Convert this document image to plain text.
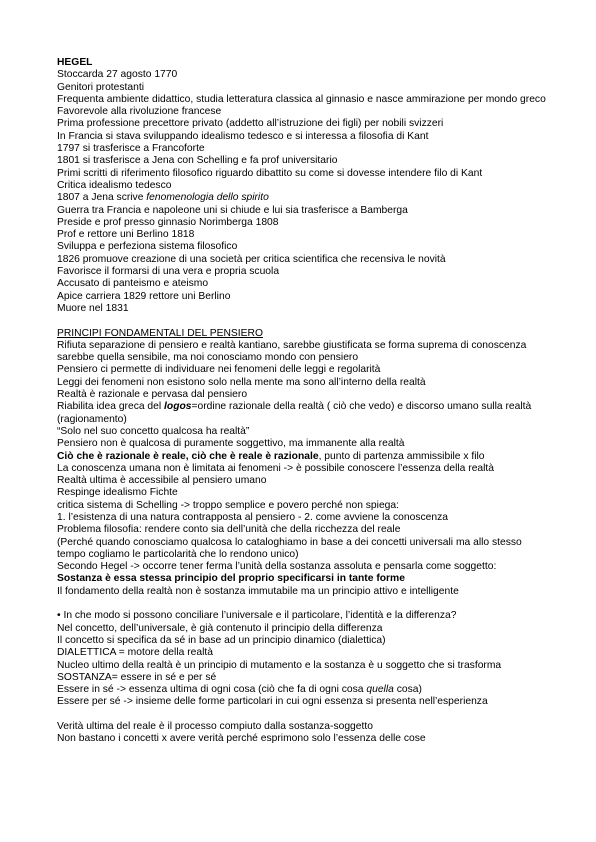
HEGEL
Stoccarda 27 agosto 1770
Genitori protestanti
Frequenta ambiente didattico, studia letteratura classica al ginnasio e nasce ammirazione per mondo greco
Favorevole alla rivoluzione francese
Prima professione precettore privato (addetto all’istruzione dei figli) per nobili svizzeri
In Francia si stava sviluppando idealismo tedesco e si interessa a filosofia di Kant
1797 si trasferisce a Francoforte
1801 si trasferisce a Jena con Schelling e fa prof universitario
Primi scritti di riferimento filosofico riguardo dibattito su come si dovesse intendere filo di Kant
Critica idealismo tedesco
1807 a Jena scrive fenomenologia dello spirito
Guerra tra Francia e napoleone uni si chiude e lui sia trasferisce a Bamberga
Preside e prof presso ginnasio Norimberga 1808
Prof e rettore uni Berlino 1818
Sviluppa e perfeziona sistema filosofico
1826 promuove creazione di una società per critica scientifica che recensiva le novità
Favorisce il formarsi di una vera e propria scuola
Accusato di panteismo e ateismo
Apice carriera 1829 rettore uni Berlino
Muore nel 1831
PRINCIPI FONDAMENTALI DEL PENSIERO
Rifiuta separazione di pensiero e realtà kantiano, sarebbe giustificata se forma suprema di conoscenza sarebbe quella sensibile, ma noi conosciamo mondo con pensiero
Pensiero ci permette di individuare nei fenomeni delle leggi e regolarità
Leggi dei fenomeni non esistono solo nella mente ma sono all’interno della realtà
Realtà è razionale e pervasa dal pensiero
Riabilita idea greca del logos=ordine razionale della realtà ( ciò che vedo) e discorso umano sulla realtà (ragionamento)
“Solo nel suo concetto qualcosa ha realtà”
Pensiero non è qualcosa di puramente soggettivo, ma immanente alla realtà
Ciò che è razionale è reale, ciò che è reale è razionale, punto di partenza ammissibile x filo
La conoscenza umana non è limitata ai fenomeni -> è possibile conoscere l’essenza della realtà
Realtà ultima è accessibile al pensiero umano
Respinge idealismo Fichte
critica sistema di Schelling -> troppo semplice e povero perché non spiega:
1. l’esistenza di una natura contrapposta al pensiero - 2. come avviene la conoscenza
Problema filosofia: rendere conto sia dell’unità che della ricchezza del reale
(Perché quando conosciamo qualcosa lo cataloghiamo in base a dei concetti universali ma allo stesso tempo cogliamo le particolarità che lo rendono unico)
Secondo Hegel -> occorre tener ferma l’unità della sostanza assoluta e pensarla come soggetto:
Sostanza è essa stessa principio del proprio specificarsi in tante forme
Il fondamento della realtà non è sostanza immutabile ma un principio attivo e intelligente
• In che modo si possono conciliare l’universale e il particolare, l’identità e la differenza?
Nel concetto, dell’universale, è già contenuto il principio della differenza
Il concetto si specifica da sé in base ad un principio dinamico (dialettica)
DIALETTICA = motore della realtà
Nucleo ultimo della realtà è un principio di mutamento e la sostanza è u soggetto che si trasforma
SOSTANZA= essere in sé e per sé
Essere in sé -> essenza ultima di ogni cosa (ciò che fa di ogni cosa quella cosa)
Essere per sé -> insieme delle forme particolari in cui ogni essenza si presenta nell’esperienza
Verità ultima del reale è il processo compiuto dalla sostanza-soggetto
Non bastano i concetti x avere verità perché esprimono solo l’essenza delle cose
